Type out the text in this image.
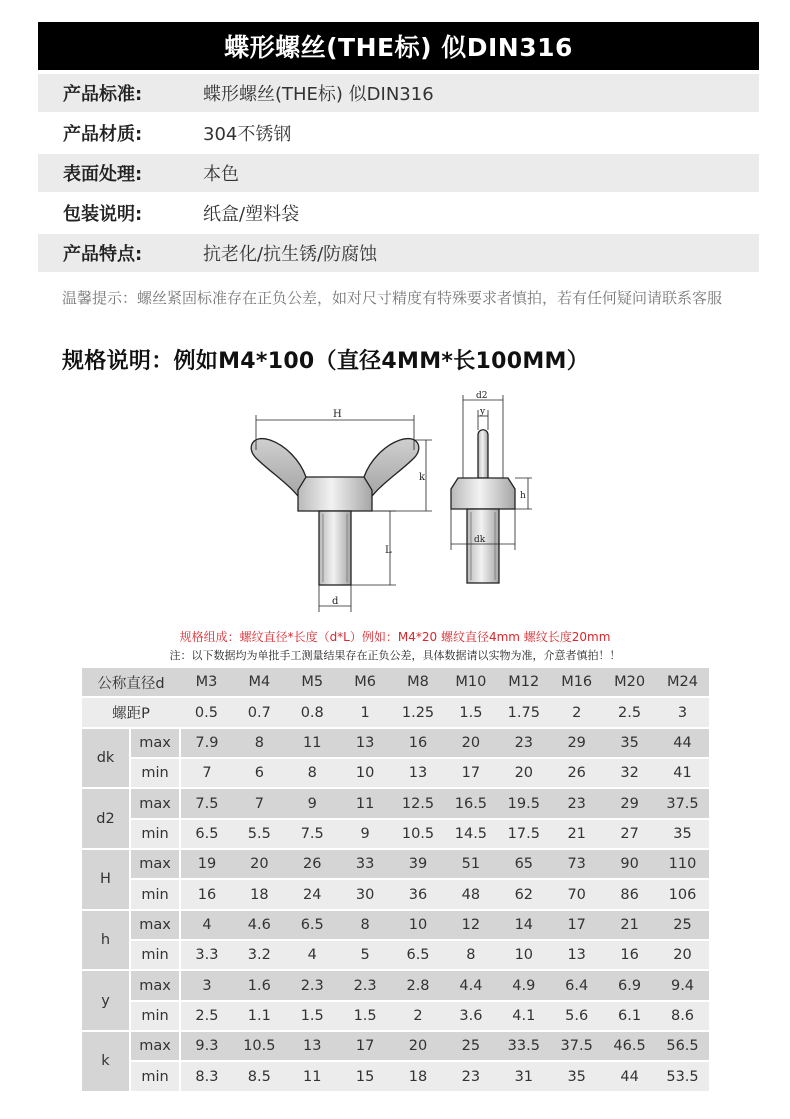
蝶形螺丝(THE标) 似DIN316
产品标准:	蝶形螺丝(THE标) 似DIN316
产品材质:	304不锈钢
表面处理:	本色
包装说明:	纸盒/塑料袋
产品特点:	抗老化/抗生锈/防腐蚀
温馨提示：螺丝紧固标准存在正负公差，如对尺寸精度有特殊要求者慎拍，若有任何疑问请联系客服
规格说明：例如M4*100（直径4MM*长100MM）
H
k
L
d
d2
y
h
dk
规格组成：螺纹直径*长度（d*L）例如：M4*20 螺纹直径4mm 螺纹长度20mm
注：以下数据均为单批手工测量结果存在正负公差，具体数据请以实物为准，介意者慎拍！！
公称直径d		M3	M4	M5	M6	M8	M10	M12	M16	M20	M24
螺距P		0.5	0.7	0.8	1	1.25	1.5	1.75	2	2.5	3
dk	max	7.9	8	11	13	16	20	23	29	35	44
	min	7	6	8	10	13	17	20	26	32	41
d2	max	7.5	7	9	11	12.5	16.5	19.5	23	29	37.5
	min	6.5	5.5	7.5	9	10.5	14.5	17.5	21	27	35
H	max	19	20	26	33	39	51	65	73	90	110
	min	16	18	24	30	36	48	62	70	86	106
h	max	4	4.6	6.5	8	10	12	14	17	21	25
	min	3.3	3.2	4	5	6.5	8	10	13	16	20
y	max	3	1.6	2.3	2.3	2.8	4.4	4.9	6.4	6.9	9.4
	min	2.5	1.1	1.5	1.5	2	3.6	4.1	5.6	6.1	8.6
k	max	9.3	10.5	13	17	20	25	33.5	37.5	46.5	56.5
	min	8.3	8.5	11	15	18	23	31	35	44	53.5
